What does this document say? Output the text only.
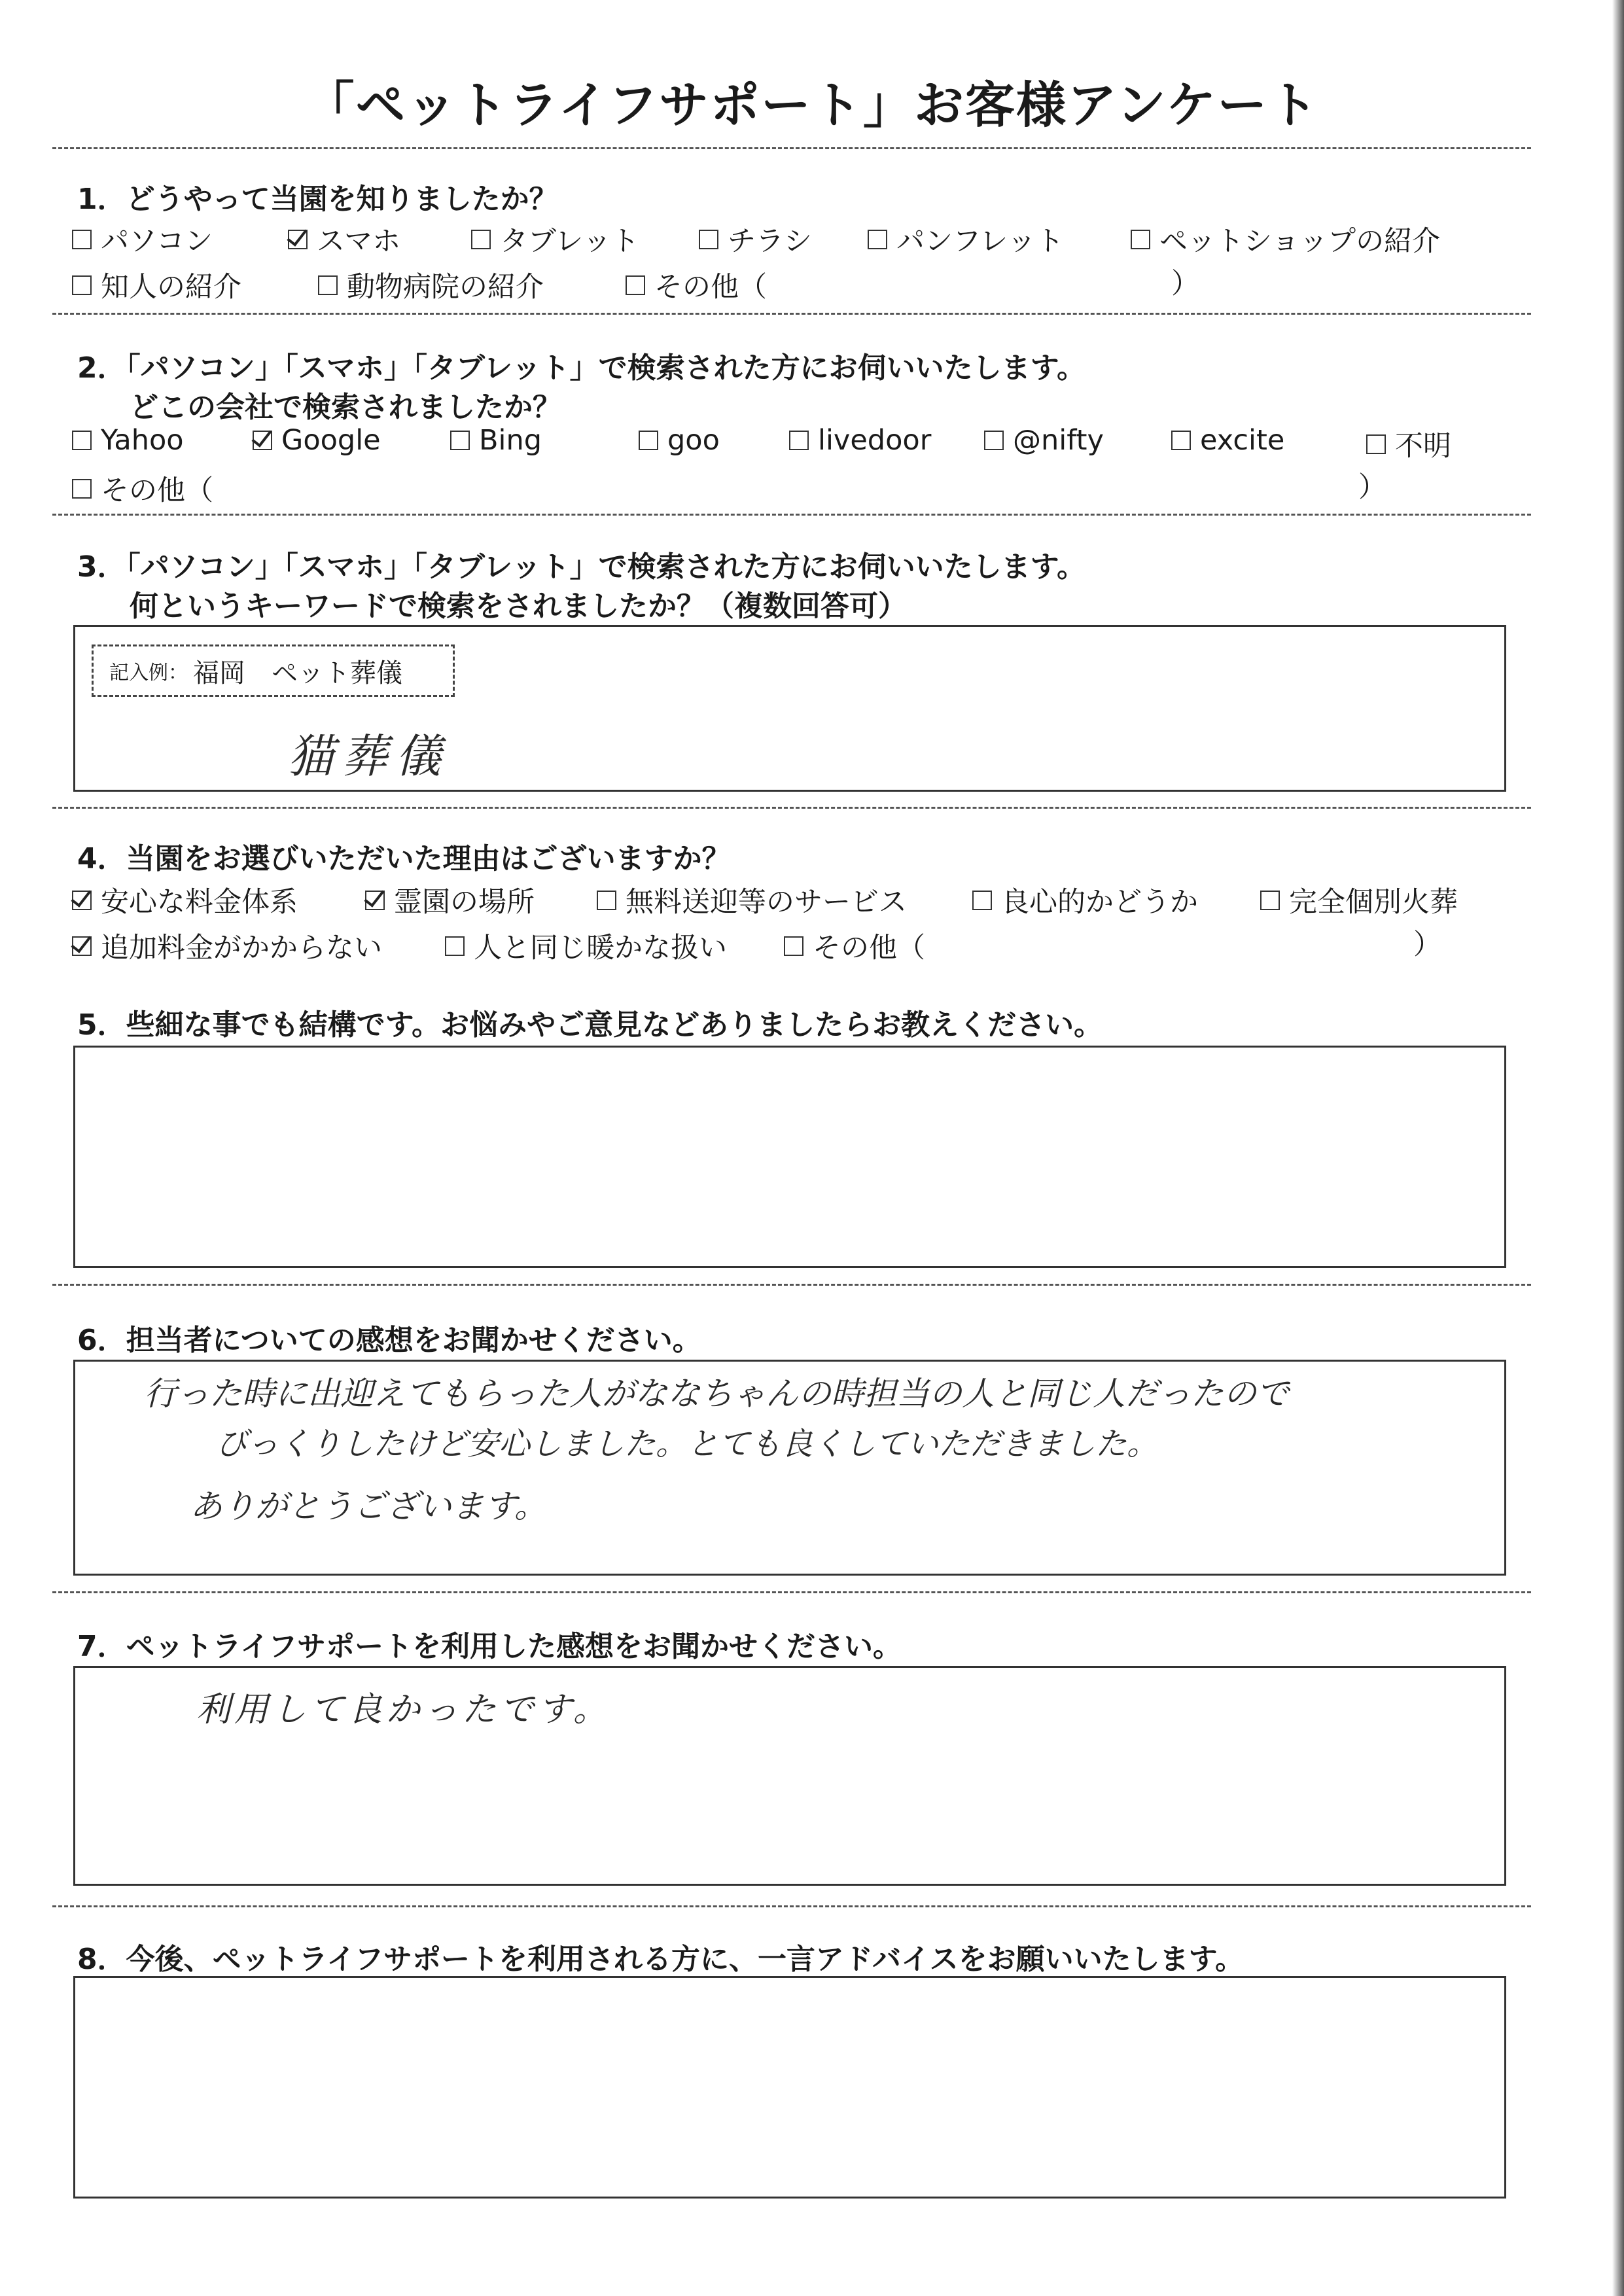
「ペットライフサポート」お客様アンケート
1．どうやって当園を知りましたか？
パソコン	スマホ	タブレット	チラシ	パンフレット	ペットショップの紹介
知人の紹介	動物病院の紹介	その他（	）
2．「パソコン」「スマホ」「タブレット」で検索された方にお伺いいたします。
どこの会社で検索されましたか？
Yahoo	Google	Bing	goo	livedoor	@nifty	excite	不明
その他（	）
3．「パソコン」「スマホ」「タブレット」で検索された方にお伺いいたします。
何というキーワードで検索をされましたか？（複数回答可）
記入例： 福岡 ペット葬儀
猫葬儀
4．当園をお選びいただいた理由はございますか？
安心な料金体系	霊園の場所	無料送迎等のサービス	良心的かどうか	完全個別火葬
追加料金がかからない	人と同じ暖かな扱い	その他（	）
5．些細な事でも結構です。お悩みやご意見などありましたらお教えください。
6．担当者についての感想をお聞かせください。
行った時に出迎えてもらった人がななちゃんの時担当の人と同じ人だったので
びっくりしたけど安心しました。とても良くしていただきました。
ありがとうございます。
7．ペットライフサポートを利用した感想をお聞かせください。
利用して良かったです。
8．今後、ペットライフサポートを利用される方に、一言アドバイスをお願いいたします。
